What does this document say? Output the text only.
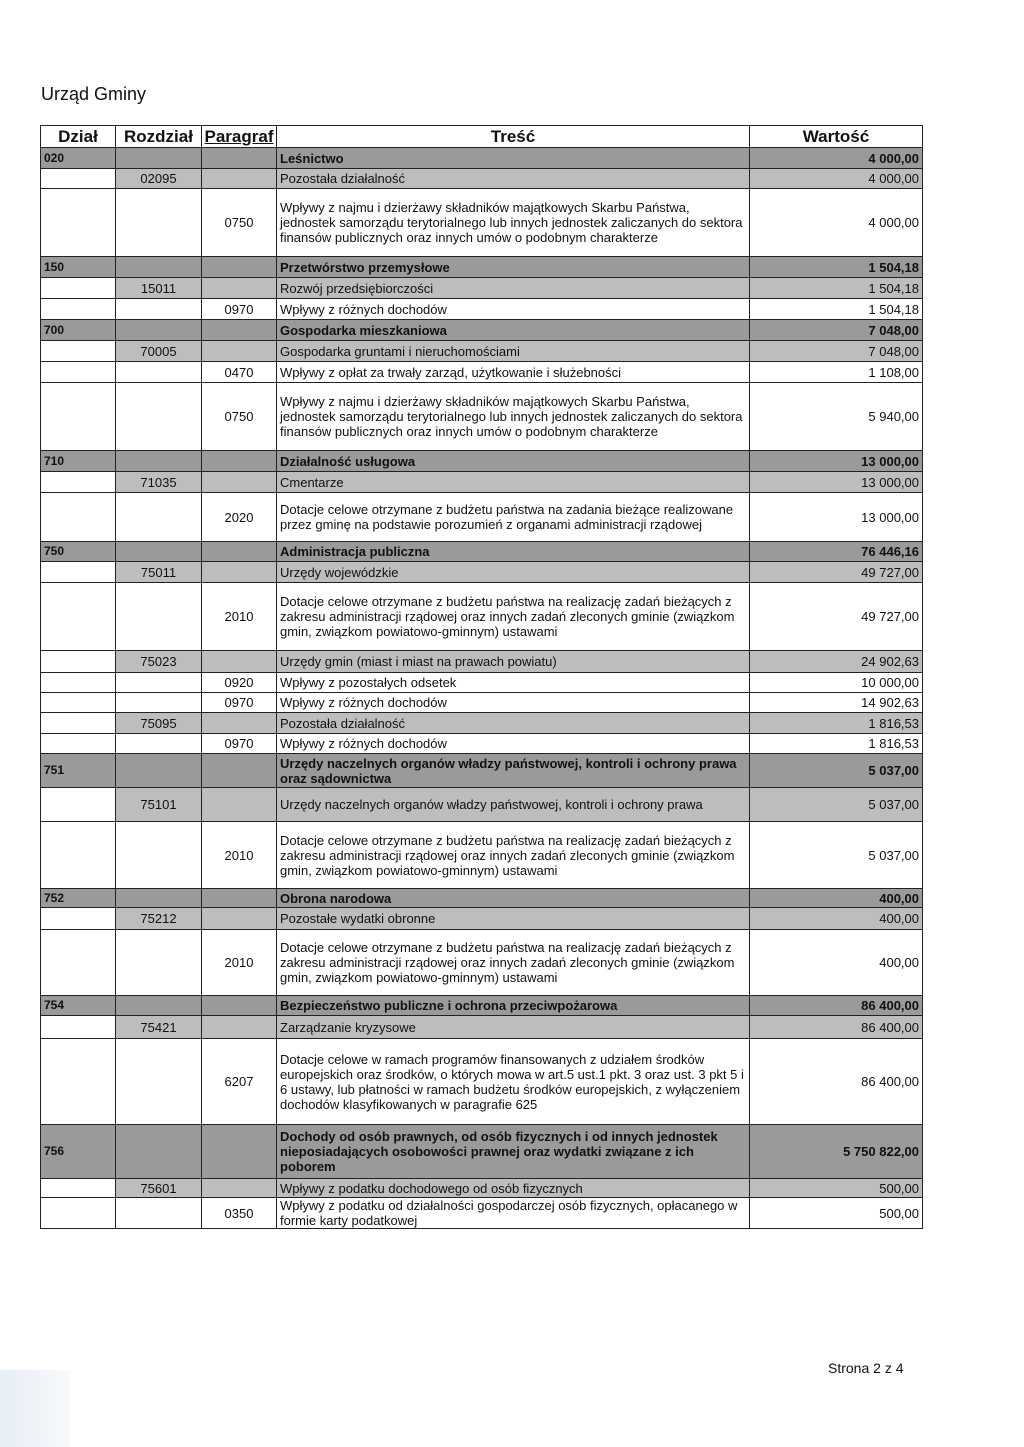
Urząd Gminy
Dział	Rozdział	Paragraf	Treść	Wartość
020			Leśnictwo	4 000,00
	02095		Pozostała działalność	4 000,00
		0750	Wpływy z najmu i dzierżawy składników majątkowych Skarbu Państwa, jednostek samorządu terytorialnego lub innych jednostek zaliczanych do sektora finansów publicznych oraz innych umów o podobnym charakterze	4 000,00
150			Przetwórstwo przemysłowe	1 504,18
	15011		Rozwój przedsiębiorczości	1 504,18
		0970	Wpływy z różnych dochodów	1 504,18
700			Gospodarka mieszkaniowa	7 048,00
	70005		Gospodarka gruntami i nieruchomościami	7 048,00
		0470	Wpływy z opłat za trwały zarząd, użytkowanie i służebności	1 108,00
		0750	Wpływy z najmu i dzierżawy składników majątkowych Skarbu Państwa, jednostek samorządu terytorialnego lub innych jednostek zaliczanych do sektora finansów publicznych oraz innych umów o podobnym charakterze	5 940,00
710			Działalność usługowa	13 000,00
	71035		Cmentarze	13 000,00
		2020	Dotacje celowe otrzymane z budżetu państwa na zadania bieżące realizowane przez gminę na podstawie porozumień z organami administracji rządowej	13 000,00
750			Administracja publiczna	76 446,16
	75011		Urzędy wojewódzkie	49 727,00
		2010	Dotacje celowe otrzymane z budżetu państwa na realizację zadań bieżących z zakresu administracji rządowej oraz innych zadań zleconych gminie (związkom gmin, związkom powiatowo-gminnym) ustawami	49 727,00
	75023		Urzędy gmin (miast i miast na prawach powiatu)	24 902,63
		0920	Wpływy z pozostałych odsetek	10 000,00
		0970	Wpływy z różnych dochodów	14 902,63
	75095		Pozostała działalność	1 816,53
		0970	Wpływy z różnych dochodów	1 816,53
751			Urzędy naczelnych organów władzy państwowej, kontroli i ochrony prawa oraz sądownictwa	5 037,00
	75101		Urzędy naczelnych organów władzy państwowej, kontroli i ochrony prawa	5 037,00
		2010	Dotacje celowe otrzymane z budżetu państwa na realizację zadań bieżących z zakresu administracji rządowej oraz innych zadań zleconych gminie (związkom gmin, związkom powiatowo-gminnym) ustawami	5 037,00
752			Obrona narodowa	400,00
	75212		Pozostałe wydatki obronne	400,00
		2010	Dotacje celowe otrzymane z budżetu państwa na realizację zadań bieżących z zakresu administracji rządowej oraz innych zadań zleconych gminie (związkom gmin, związkom powiatowo-gminnym) ustawami	400,00
754			Bezpieczeństwo publiczne i ochrona przeciwpożarowa	86 400,00
	75421		Zarządzanie kryzysowe	86 400,00
		6207	Dotacje celowe w ramach programów finansowanych z udziałem środków europejskich oraz środków, o których mowa w art.5 ust.1 pkt. 3 oraz ust. 3 pkt 5 i 6 ustawy, lub płatności w ramach budżetu środków europejskich, z wyłączeniem dochodów klasyfikowanych w paragrafie 625	86 400,00
756			Dochody od osób prawnych, od osób fizycznych i od innych jednostek nieposiadających osobowości prawnej oraz wydatki związane z ich poborem	5 750 822,00
	75601		Wpływy z podatku dochodowego od osób fizycznych	500,00
		0350	Wpływy z podatku od działalności gospodarczej osób fizycznych, opłacanego w formie karty podatkowej	500,00
Strona 2 z 4
